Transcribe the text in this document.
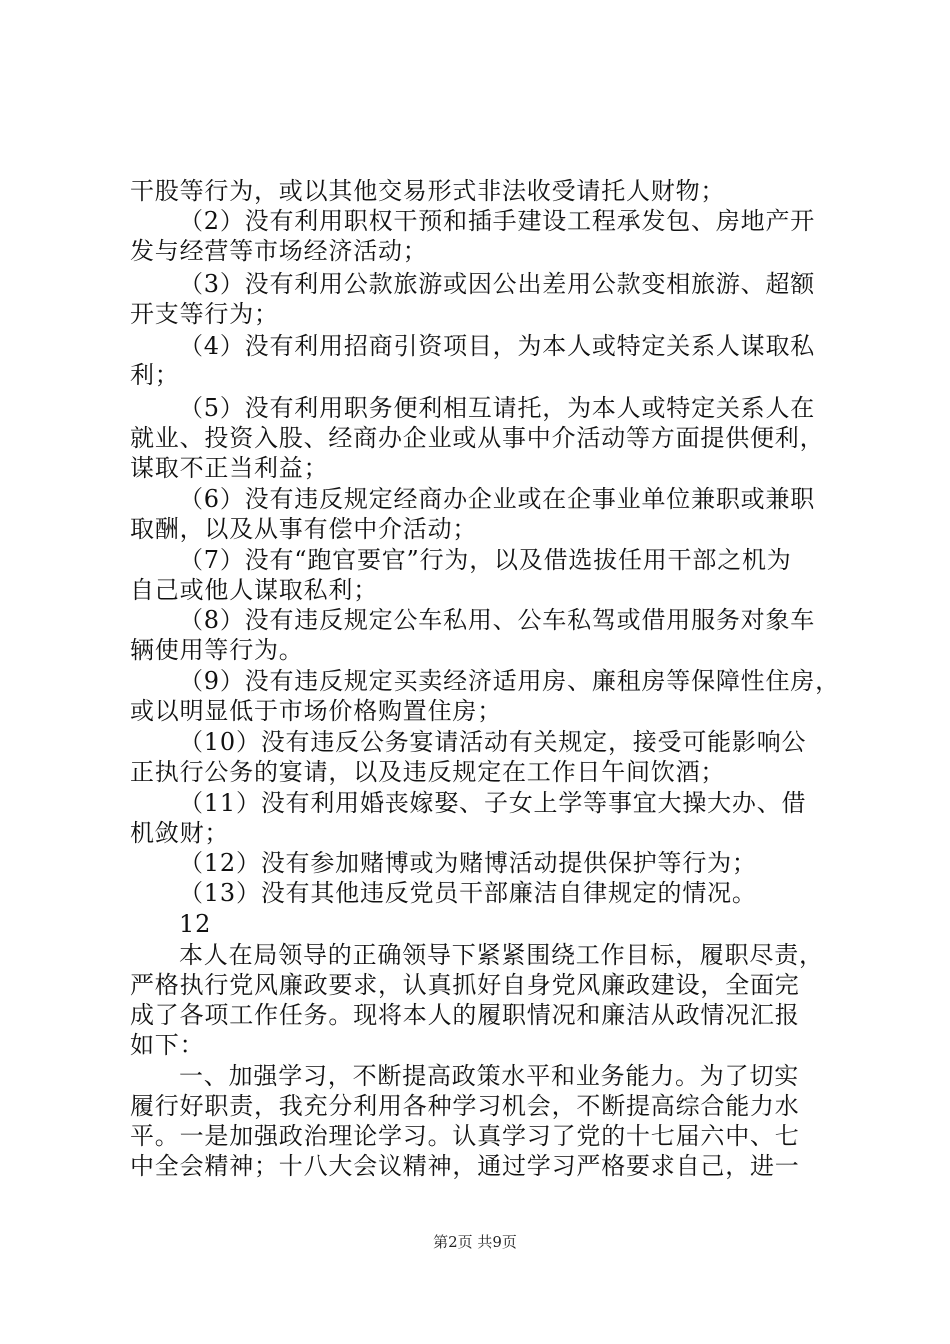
干股等行为，或以其他交易形式非法收受请托人财物；
（2）没有利用职权干预和插手建设工程承发包、房地产开
发与经营等市场经济活动；
（3）没有利用公款旅游或因公出差用公款变相旅游、超额
开支等行为；
（4）没有利用招商引资项目，为本人或特定关系人谋取私
利；
（5）没有利用职务便利相互请托，为本人或特定关系人在
就业、投资入股、经商办企业或从事中介活动等方面提供便利，
谋取不正当利益；
（6）没有违反规定经商办企业或在企事业单位兼职或兼职
取酬，以及从事有偿中介活动；
（7）没有“跑官要官”行为，以及借选拔任用干部之机为
自己或他人谋取私利；
（8）没有违反规定公车私用、公车私驾或借用服务对象车
辆使用等行为。
（9）没有违反规定买卖经济适用房、廉租房等保障性住房，
或以明显低于市场价格购置住房；
（10）没有违反公务宴请活动有关规定，接受可能影响公
正执行公务的宴请，以及违反规定在工作日午间饮酒；
（11）没有利用婚丧嫁娶、子女上学等事宜大操大办、借
机敛财；
（12）没有参加赌博或为赌博活动提供保护等行为；
（13）没有其他违反党员干部廉洁自律规定的情况。
12
本人在局领导的正确领导下紧紧围绕工作目标，履职尽责，
严格执行党风廉政要求，认真抓好自身党风廉政建设，全面完
成了各项工作任务。现将本人的履职情况和廉洁从政情况汇报
如下：
一、加强学习，不断提高政策水平和业务能力。为了切实
履行好职责，我充分利用各种学习机会，不断提高综合能力水
平。一是加强政治理论学习。认真学习了党的十七届六中、七
中全会精神；十八大会议精神，通过学习严格要求自己，进一
第2页 共9页
